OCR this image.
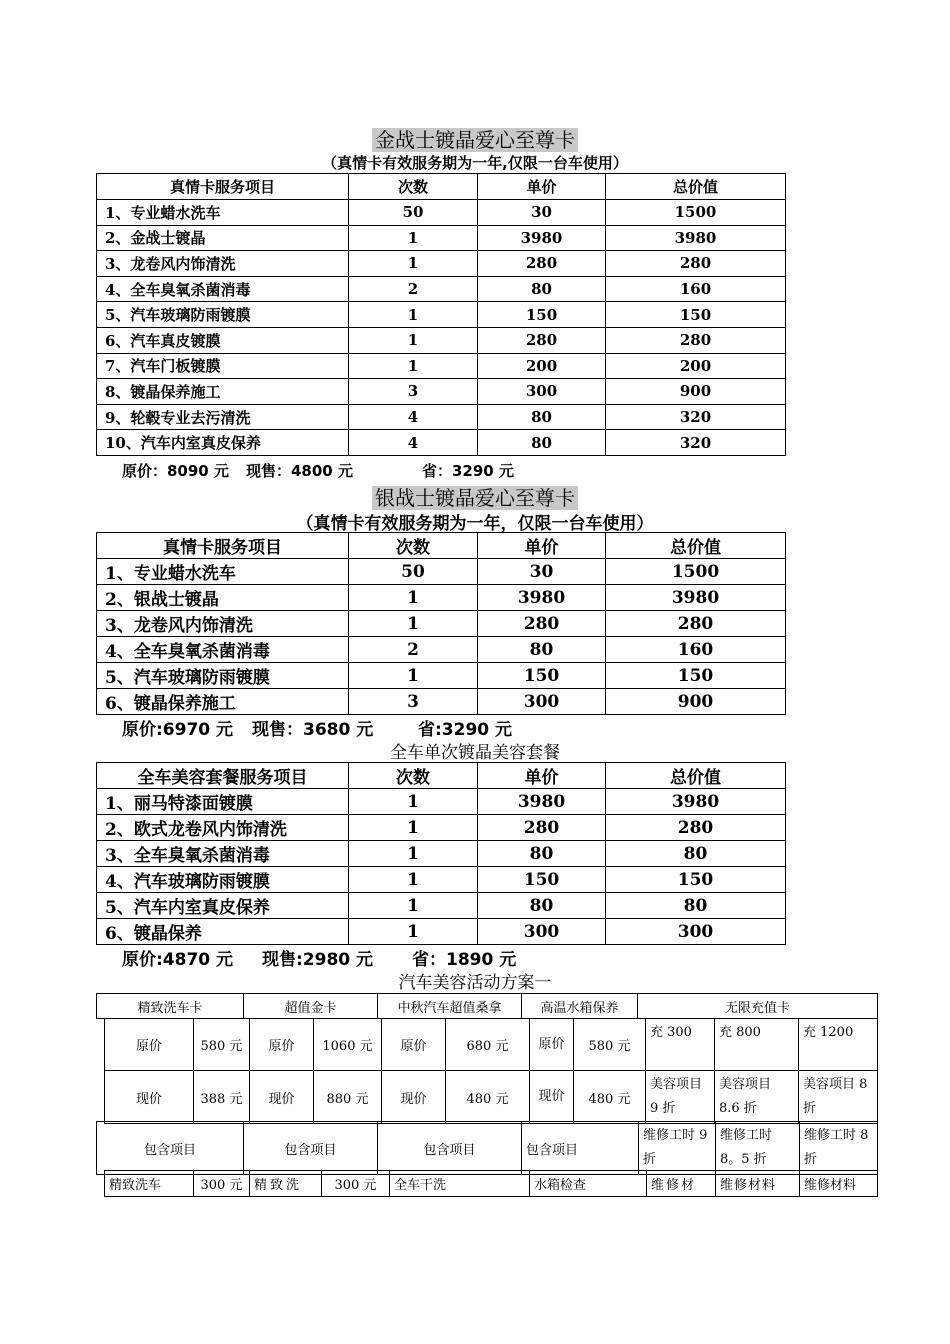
金战士镀晶爱心至尊卡
（真情卡有效服务期为一年,仅限一台车使用）
真情卡服务项目	次数	单价	总价值
1、专业蜡水洗车	50	30	1500
2、金战士镀晶	1	3980	3980
3、龙卷风内饰清洗	1	280	280
4、全车臭氧杀菌消毒	2	80	160
5、汽车玻璃防雨镀膜	1	150	150
6、汽车真皮镀膜	1	280	280
7、汽车门板镀膜	1	200	200
8、镀晶保养施工	3	300	900
9、轮毂专业去污清洗	4	80	320
10、汽车内室真皮保养	4	80	320
原价：8090 元 现售：4800 元	省：3290 元
银战士镀晶爱心至尊卡
（真情卡有效服务期为一年，仅限一台车使用）
真情卡服务项目	次数	单价	总价值
1、专业蜡水洗车	50	30	1500
2、银战士镀晶	1	3980	3980
3、龙卷风内饰清洗	1	280	280
4、全车臭氧杀菌消毒	2	80	160
5、汽车玻璃防雨镀膜	1	150	150
6、镀晶保养施工	3	300	900
原价:6970 元 现售：3680 元	省:3290 元
全车单次镀晶美容套餐
全车美容套餐服务项目	次数	单价	总价值
1、丽马特漆面镀膜	1	3980	3980
2、欧式龙卷风内饰清洗	1	280	280
3、全车臭氧杀菌消毒	1	80	80
4、汽车玻璃防雨镀膜	1	150	150
5、汽车内室真皮保养	1	80	80
6、镀晶保养	1	300	300
原价:4870 元 现售:2980 元 省：1890 元
汽车美容活动方案一
精致洗车卡	超值金卡	中秋汽车超值桑拿	高温水箱保养	无限充值卡
原价	580 元	原价	1060 元	原价	680 元	原价	580 元	充 300	充 800	充 1200
现价	388 元	现价	880 元	现价	480 元	现价	480 元	美容项目 9 折	美容项目 8.6 折	美容项目 8 折
包含项目	包含项目	包含项目	包含项目	维修工时 9 折	维修工时 8。5 折	维修工时 8 折
精致洗车	300 元	精致洗	300 元	全车干洗	水箱检查	维修材	维修材料	维修材料
